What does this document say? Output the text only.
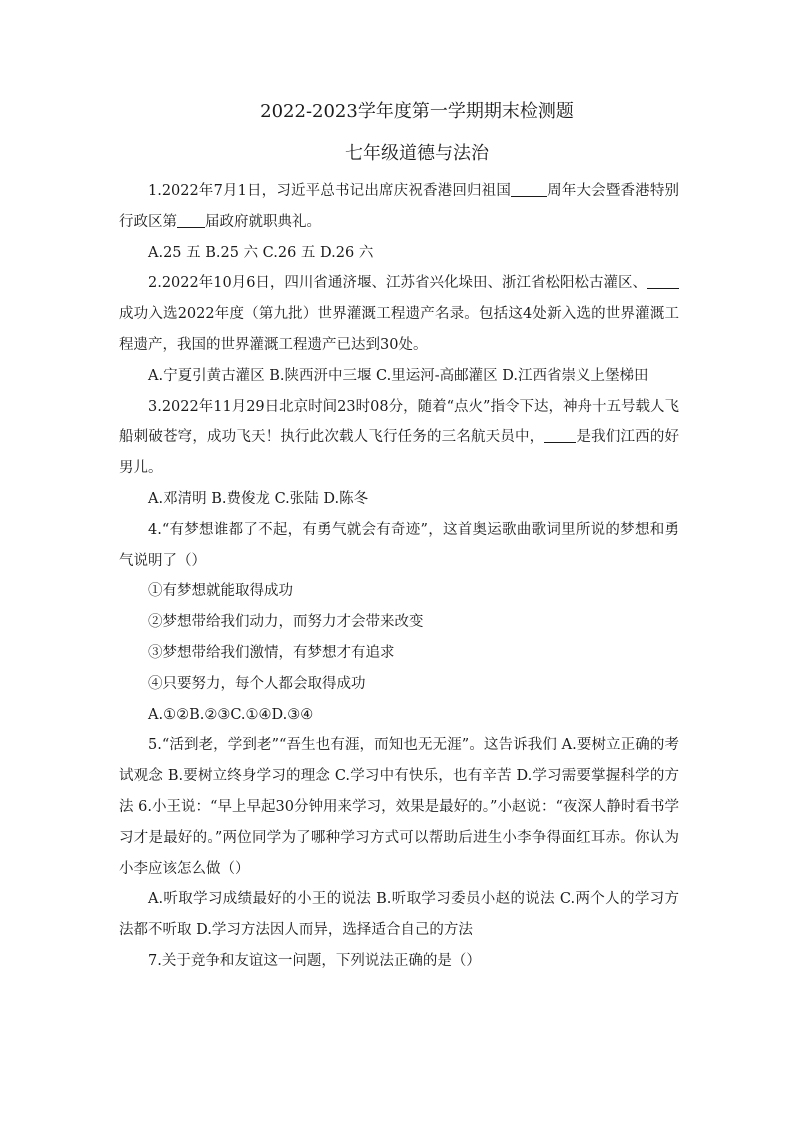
2022-2023学年度第一学期期末检测题
七年级道德与法治

1.2022年7月1日，习近平总书记出席庆祝香港回归祖国 周年大会暨香港特别行政区第 届政府就职典礼。

A.25 五 B.25 六 C.26 五 D.26 六

2.2022年10月6日，四川省通济堰、江苏省兴化垛田、浙江省松阳松古灌区、成功入选2022年度（第九批）世界灌溉工程遗产名录。包括这4处新入选的世界灌溉工程遗产，我国的世界灌溉工程遗产已达到30处。

A.宁夏引黄古灌区 B.陕西汧中三堰 C.里运河-高邮灌区 D.江西省崇义上堡梯田

3.2022年11月29日北京时间23时08分，随着“点火”指令下达，神舟十五号载人飞船刺破苍穹，成功飞天！执行此次载人飞行任务的三名航天员中， 是我们江西的好男儿。

A.邓清明 B.费俊龙 C.张陆 D.陈冬

4.“有梦想谁都了不起，有勇气就会有奇迹”，这首奥运歌曲歌词里所说的梦想和勇气说明了（）

①有梦想就能取得成功

②梦想带给我们动力，而努力才会带来改变

③梦想带给我们激情，有梦想才有追求

④只要努力，每个人都会取得成功

A.①②B.②③C.①④D.③④

5.“活到老，学到老”“吾生也有涯，而知也无无涯”。这告诉我们 A.要树立正确的考试观念 B.要树立终身学习的理念 C.学习中有快乐，也有辛苦 D.学习需要掌握科学的方法 6.小王说：“早上早起30分钟用来学习，效果是最好的。”小赵说：“夜深人静时看书学习才是最好的。”两位同学为了哪种学习方式可以帮助后进生小李争得面红耳赤。你认为小李应该怎么做（）

A.听取学习成绩最好的小王的说法 B.听取学习委员小赵的说法 C.两个人的学习方法都不听取 D.学习方法因人而异，选择适合自己的方法

7.关于竞争和友谊这一问题，下列说法正确的是（）
